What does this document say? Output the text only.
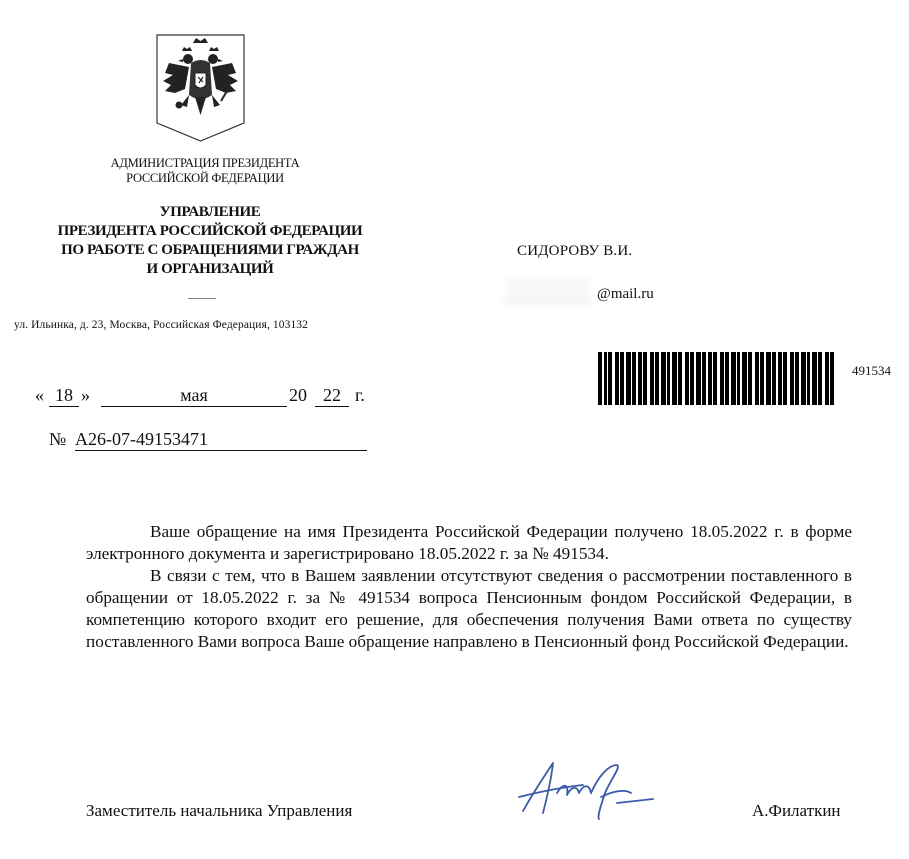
АДМИНИСТРАЦИЯ ПРЕЗИДЕНТА
РОССИЙСКОЙ ФЕДЕРАЦИИ
УПРАВЛЕНИЕ
ПРЕЗИДЕНТА РОССИЙСКОЙ ФЕДЕРАЦИИ
ПО РАБОТЕ С ОБРАЩЕНИЯМИ ГРАЖДАН
И ОРГАНИЗАЦИЙ
ул. Ильинка, д. 23, Москва, Российская Федерация, 103132
СИДОРОВУ В.И.
@mail.ru
491534
« 18 »	мая	20 22 г.
№ А26-07-49153471

Ваше обращение на имя Президента Российской Федерации получено 18.05.2022 г. в форме электронного документа и зарегистрировано 18.05.2022 г. за № 491534.

В связи с тем, что в Вашем заявлении отсутствуют сведения о рассмотрении поставленного в обращении от 18.05.2022 г. за № 491534 вопроса Пенсионным фондом Российской Федерации, в компетенцию которого входит его решение, для обеспечения получения Вами ответа по существу поставленного Вами вопроса Ваше обращение направлено в Пенсионный фонд Российской Федерации.

Заместитель начальника Управления	А.Филаткин
